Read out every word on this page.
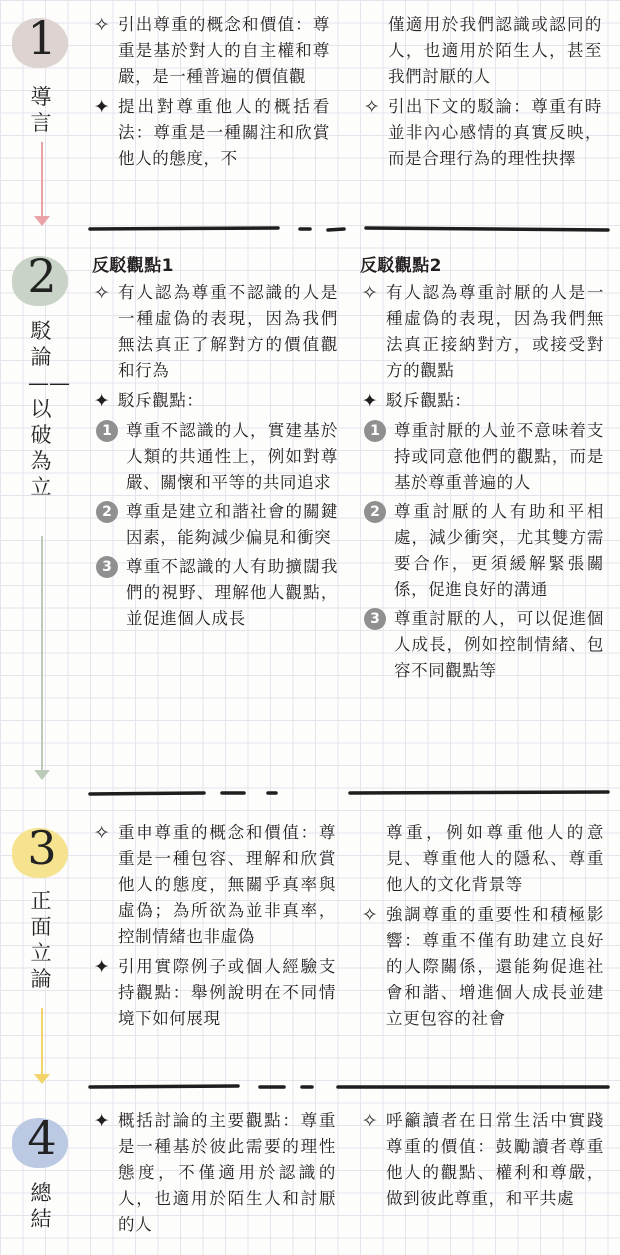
1
導言
✧ 引出尊重的概念和價值：尊重是基於對人的自主權和尊嚴，是一種普遍的價值觀
✦ 提出對尊重他人的概括看法：尊重是一種關注和欣賞他人的態度，不
僅適用於我們認識或認同的人，也適用於陌生人，甚至我們討厭的人
✧ 引出下文的駁論：尊重有時並非內心感情的真實反映，而是合理行為的理性抉擇
2
駁論——以破為立
反駁觀點1
✧ 有人認為尊重不認識的人是一種虛偽的表現，因為我們無法真正了解對方的價值觀和行為
✦ 駁斥觀點：
1 尊重不認識的人，實建基於人類的共通性上，例如對尊嚴、關懷和平等的共同追求
2 尊重是建立和諧社會的關鍵因素，能夠減少偏見和衝突
3 尊重不認識的人有助擴闊我們的視野、理解他人觀點，並促進個人成長
反駁觀點2
✧ 有人認為尊重討厭的人是一種虛偽的表現，因為我們無法真正接納對方，或接受對方的觀點
✦ 駁斥觀點：
1 尊重討厭的人並不意味着支持或同意他們的觀點，而是基於尊重普遍的人
2 尊重討厭的人有助和平相處，減少衝突，尤其雙方需要合作，更須緩解緊張關係，促進良好的溝通
3 尊重討厭的人，可以促進個人成長，例如控制情緒、包容不同觀點等
3
正面立論
✧ 重申尊重的概念和價值：尊重是一種包容、理解和欣賞他人的態度，無關乎真率與虛偽；為所欲為並非真率，控制情緒也非虛偽
✦ 引用實際例子或個人經驗支持觀點：舉例說明在不同情境下如何展現
尊重，例如尊重他人的意見、尊重他人的隱私、尊重他人的文化背景等
✧ 強調尊重的重要性和積極影響：尊重不僅有助建立良好的人際關係，還能夠促進社會和諧、增進個人成長並建立更包容的社會
4
總結
✦ 概括討論的主要觀點：尊重是一種基於彼此需要的理性態度，不僅適用於認識的人，也適用於陌生人和討厭的人
✧ 呼籲讀者在日常生活中實踐尊重的價值：鼓勵讀者尊重他人的觀點、權利和尊嚴，做到彼此尊重，和平共處
